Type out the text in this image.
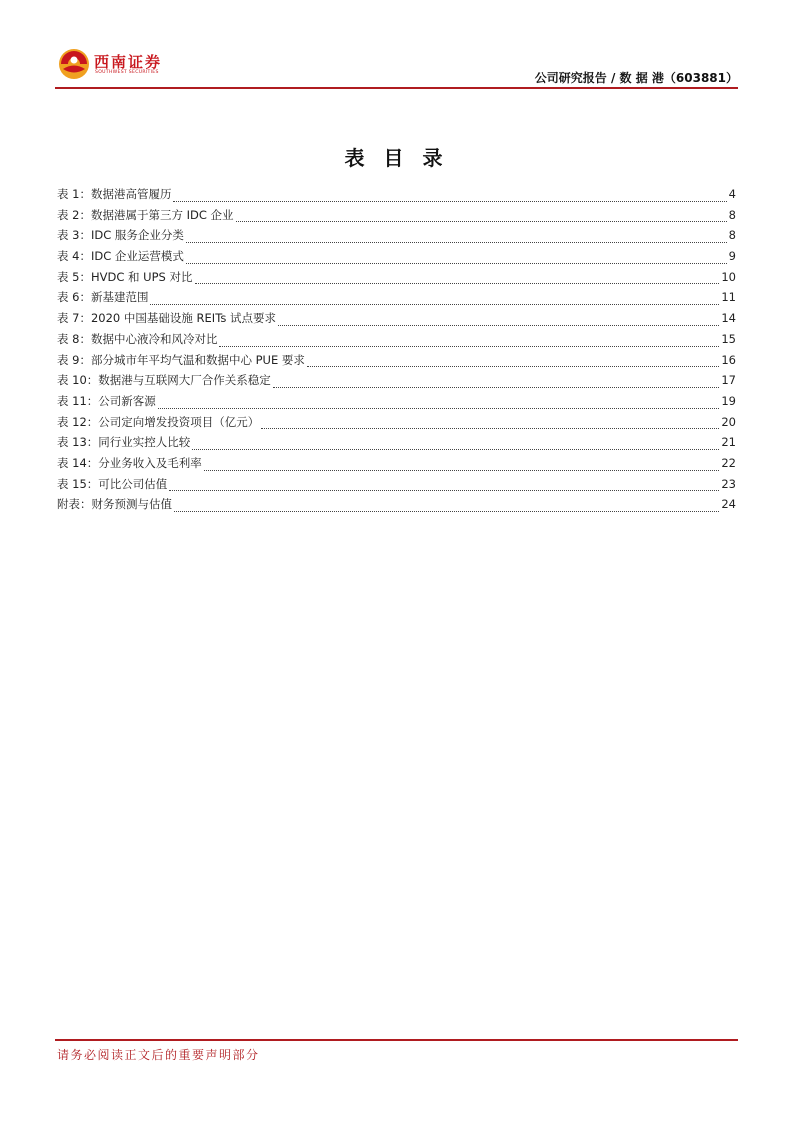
西南证券
SOUTHWEST SECURITIES	公司研究报告 / 数 据 港（603881）
表 目 录
表 1：数据港高管履历	4
表 2：数据港属于第三方 IDC 企业	8
表 3：IDC 服务企业分类	8
表 4：IDC 企业运营模式	9
表 5：HVDC 和 UPS 对比	10
表 6：新基建范围	11
表 7：2020 中国基础设施 REITs 试点要求	14
表 8：数据中心液冷和风冷对比	15
表 9：部分城市年平均气温和数据中心 PUE 要求	16
表 10：数据港与互联网大厂合作关系稳定	17
表 11：公司新客源	19
表 12：公司定向增发投资项目（亿元）	20
表 13：同行业实控人比较	21
表 14：分业务收入及毛利率	22
表 15：可比公司估值	23
附表：财务预测与估值	24
请务必阅读正文后的重要声明部分
